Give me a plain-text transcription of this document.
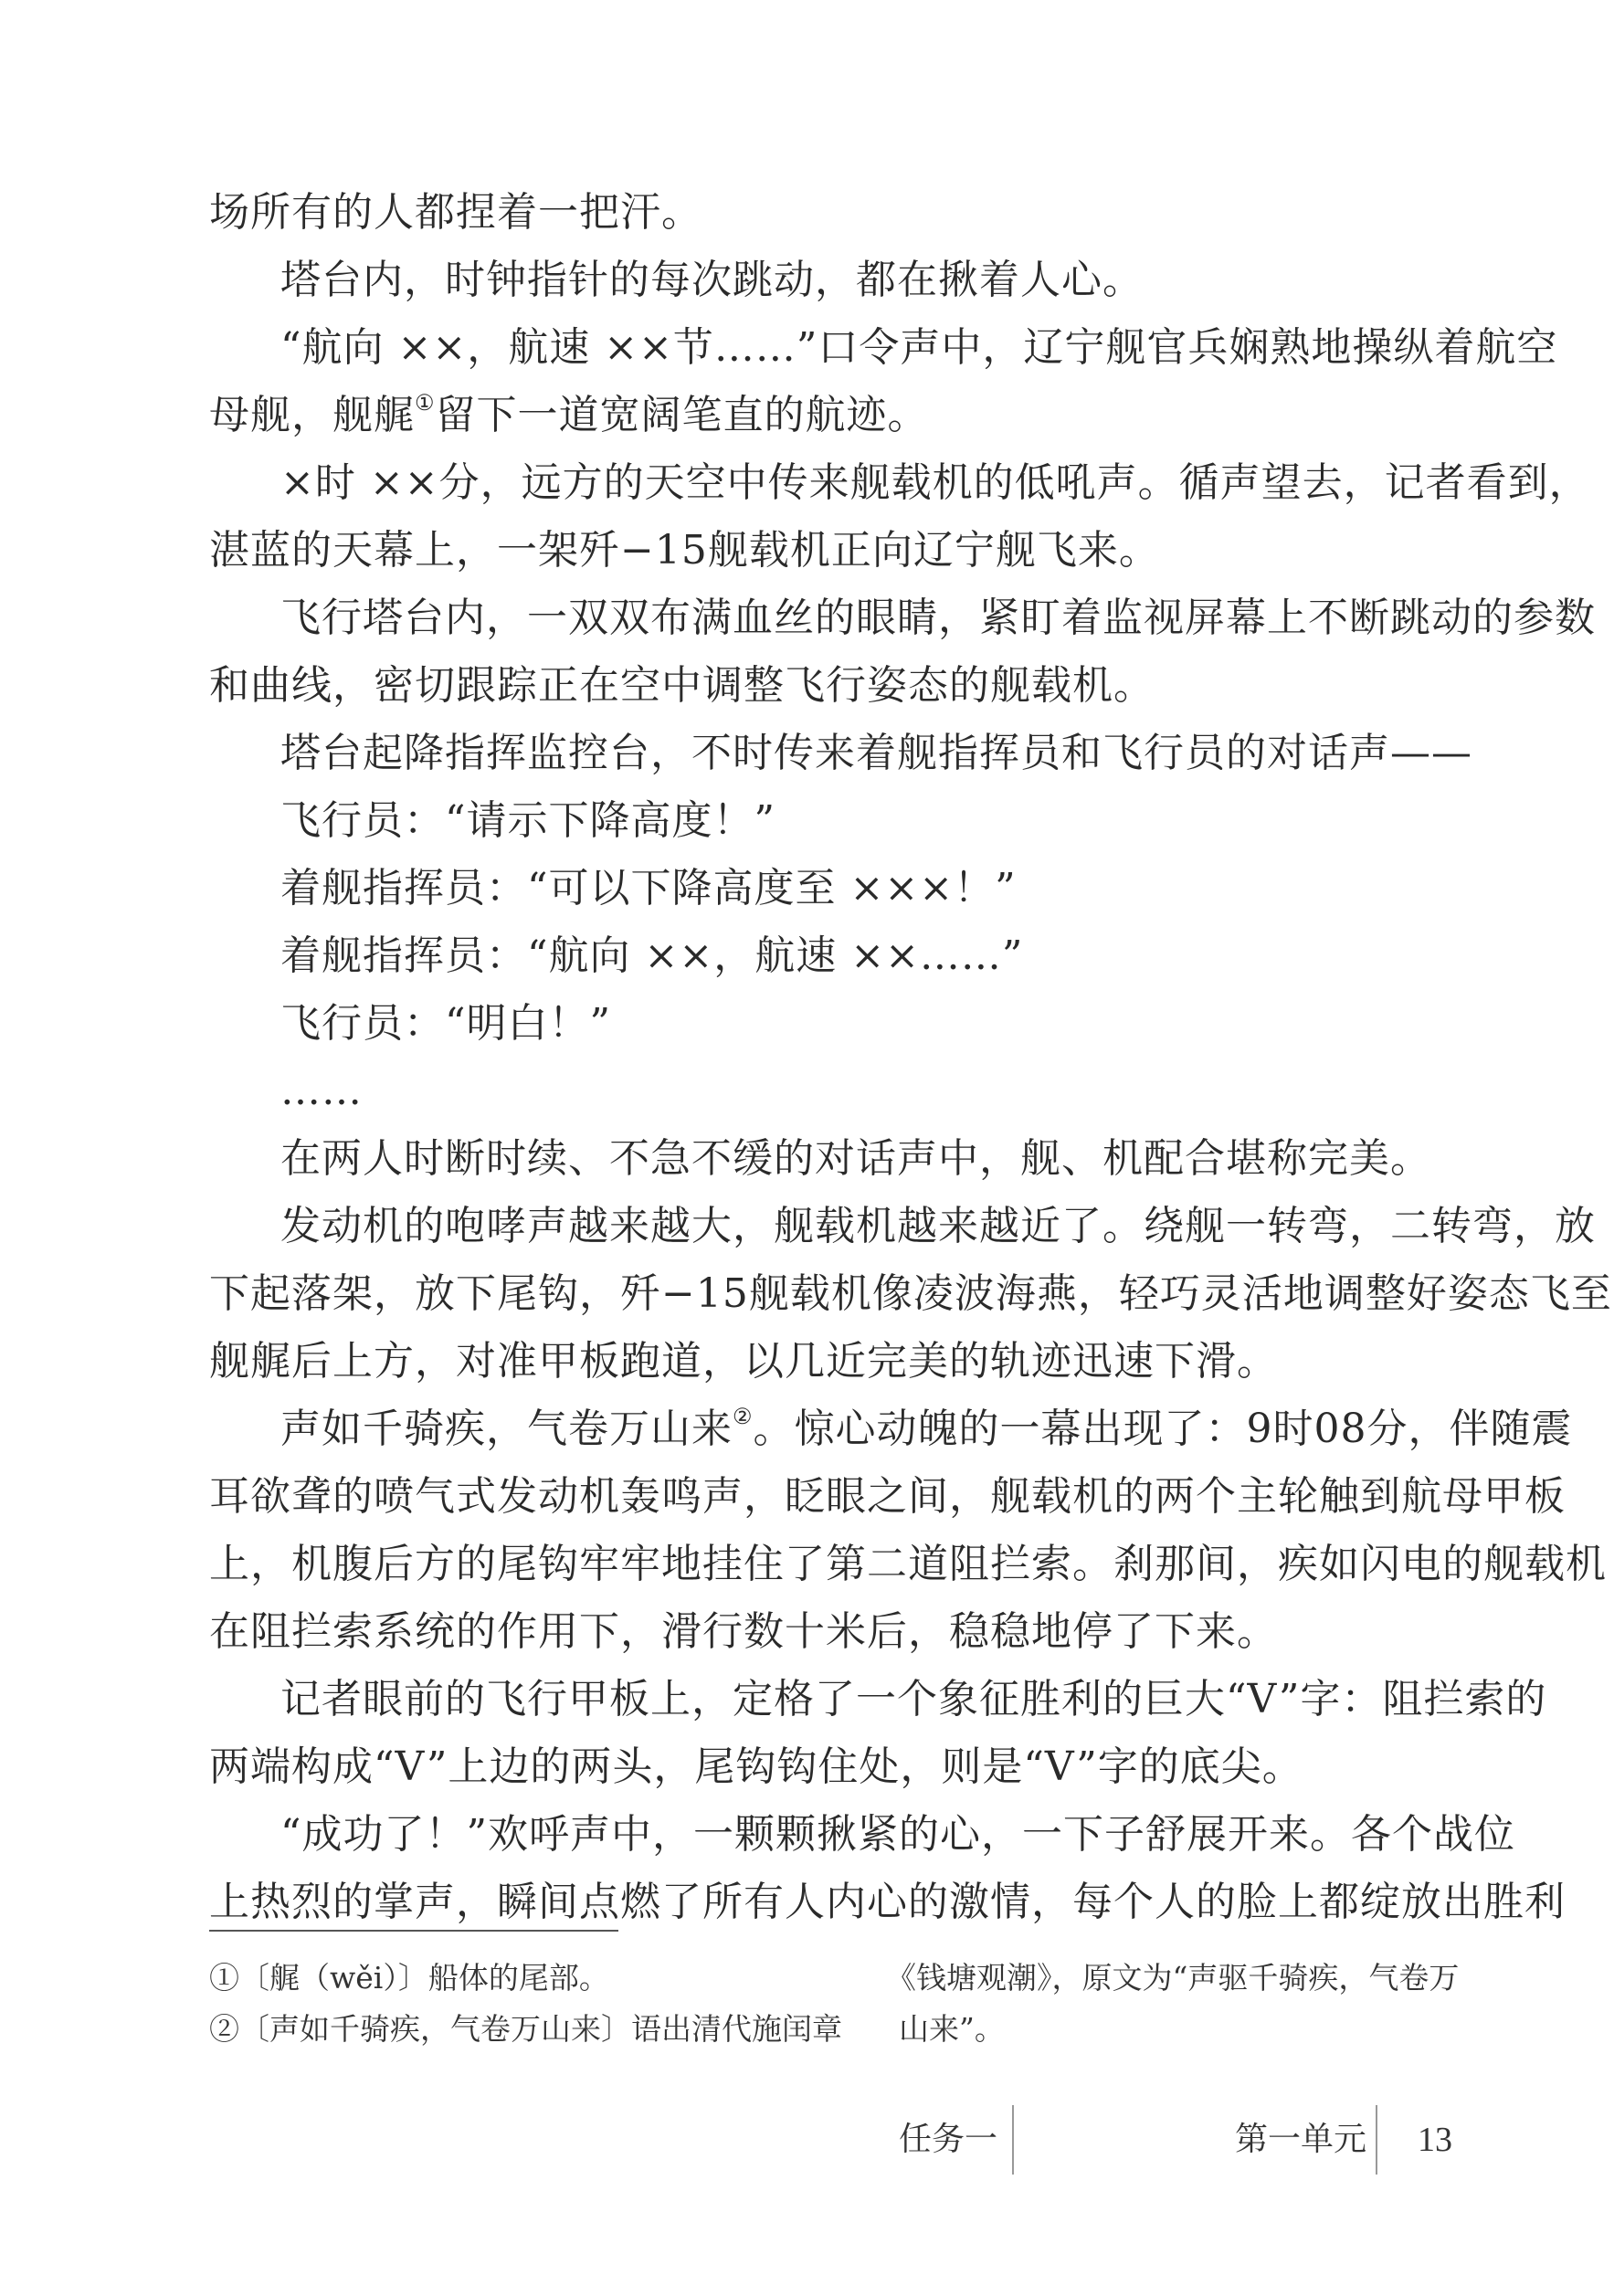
场所有的人都捏着一把汗。
塔台内，时钟指针的每次跳动，都在揪着人心。
“航向 ××，航速 ××节……”口令声中，辽宁舰官兵娴熟地操纵着航空
母舰，舰艉①留下一道宽阔笔直的航迹。
×时 ××分，远方的天空中传来舰载机的低吼声。循声望去，记者看到，
湛蓝的天幕上，一架歼−15舰载机正向辽宁舰飞来。
飞行塔台内，一双双布满血丝的眼睛，紧盯着监视屏幕上不断跳动的参数
和曲线，密切跟踪正在空中调整飞行姿态的舰载机。
塔台起降指挥监控台，不时传来着舰指挥员和飞行员的对话声——
飞行员：“请示下降高度！”
着舰指挥员：“可以下降高度至 ×××！”
着舰指挥员：“航向 ××，航速 ××……”
飞行员：“明白！”
……
在两人时断时续、不急不缓的对话声中，舰、机配合堪称完美。
发动机的咆哮声越来越大，舰载机越来越近了。绕舰一转弯，二转弯，放
下起落架，放下尾钩，歼−15舰载机像凌波海燕，轻巧灵活地调整好姿态飞至
舰艉后上方，对准甲板跑道，以几近完美的轨迹迅速下滑。
声如千骑疾，气卷万山来②。惊心动魄的一幕出现了：9时08分，伴随震
耳欲聋的喷气式发动机轰鸣声，眨眼之间，舰载机的两个主轮触到航母甲板
上，机腹后方的尾钩牢牢地挂住了第二道阻拦索。刹那间，疾如闪电的舰载机
在阻拦索系统的作用下，滑行数十米后，稳稳地停了下来。
记者眼前的飞行甲板上，定格了一个象征胜利的巨大“V”字：阻拦索的
两端构成“V”上边的两头，尾钩钩住处，则是“V”字的底尖。
“成功了！”欢呼声中，一颗颗揪紧的心，一下子舒展开来。各个战位
上热烈的掌声，瞬间点燃了所有人内心的激情，每个人的脸上都绽放出胜利
①〔艉（wěi）〕船体的尾部。
②〔声如千骑疾，气卷万山来〕语出清代施闰章
《钱塘观潮》，原文为“声驱千骑疾，气卷万
山来”。
任务一	第一单元 13
